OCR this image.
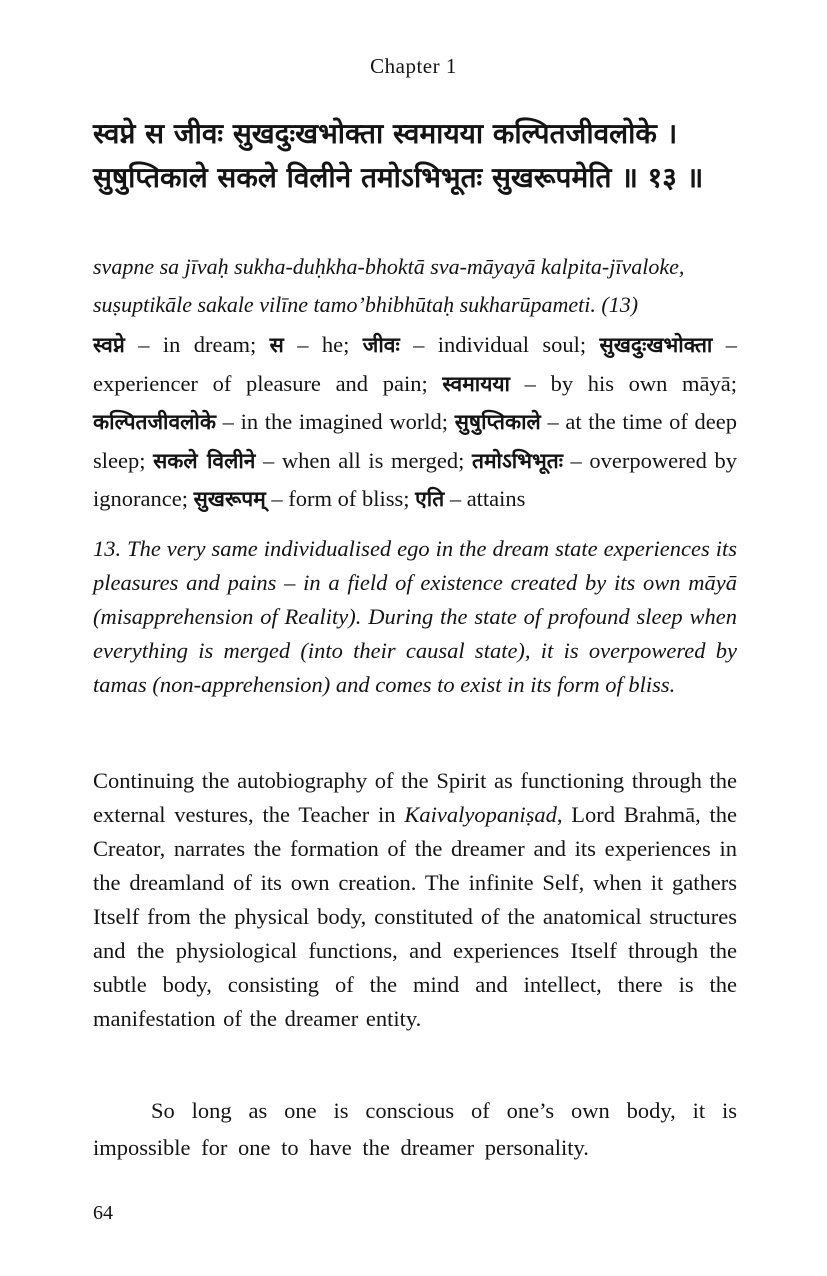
Chapter 1
स्वप्ने स जीवः सुखदुःखभोक्ता स्वमायया कल्पितजीवलोके ।
सुषुप्तिकाले सकले विलीने तमोऽभिभूतः सुखरूपमेति ॥ १३ ॥
svapne sa jīvaḥ sukha-duḥkha-bhoktā sva-māyayā kalpita-jīvaloke,
suṣuptikāle sakale vilīne tamo’bhibhūtaḥ sukharūpameti. (13)
स्वप्ने – in dream; स – he; जीवः – individual soul; सुखदुःखभोक्ता – experiencer of pleasure and pain; स्वमायया – by his own māyā; कल्पितजीवलोके – in the imagined world; सुषुप्तिकाले – at the time of deep sleep; सकले विलीने – when all is merged; तमोऽभिभूतः – overpowered by ignorance; सुखरूपम् – form of bliss; एति – attains
13. The very same individualised ego in the dream state experiences its pleasures and pains – in a field of existence created by its own māyā (misapprehension of Reality). During the state of profound sleep when everything is merged (into their causal state), it is overpowered by tamas (non-apprehension) and comes to exist in its form of bliss.
Continuing the autobiography of the Spirit as functioning through the external vestures, the Teacher in Kaivalyopaniṣad, Lord Brahmā, the Creator, narrates the formation of the dreamer and its experiences in the dreamland of its own creation. The infinite Self, when it gathers Itself from the physical body, constituted of the anatomical structures and the physiological functions, and experiences Itself through the subtle body, consisting of the mind and intellect, there is the manifestation of the dreamer entity.
So long as one is conscious of one’s own body, it is impossible for one to have the dreamer personality.
64
